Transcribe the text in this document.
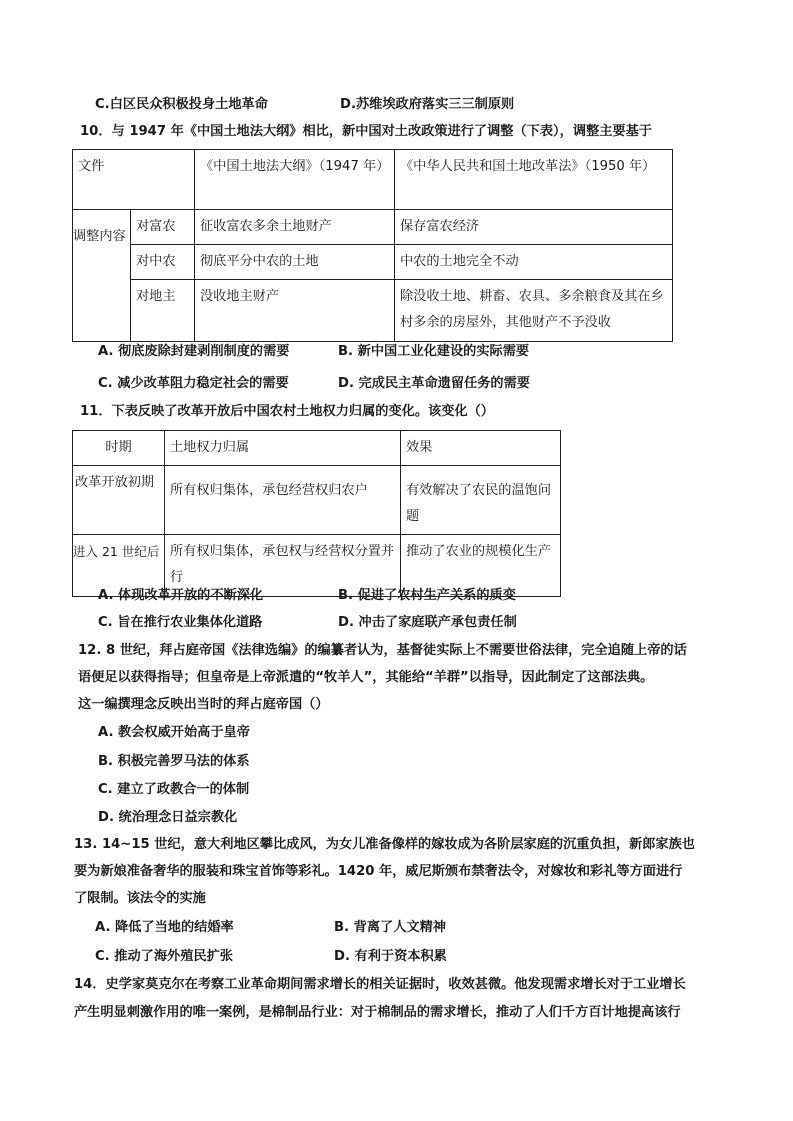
C.白区民众积极投身土地革命	D.苏维埃政府落实三三制原则
10．与 1947 年《中国土地法大纲》相比，新中国对土改政策进行了调整（下表），调整主要基于
文件		《中国土地法大纲》（1947 年）	《中华人民共和国土地改革法》（1950 年）
调整内容	对富农	征收富农多余土地财产	保存富农经济
	对中农	彻底平分中农的土地	中农的土地完全不动
	对地主	没收地主财产	除没收土地、耕畜、农具、多余粮食及其在乡村多余的房屋外，其他财产不予没收
A. 彻底废除封建剥削制度的需要	B. 新中国工业化建设的实际需要
C. 减少改革阻力稳定社会的需要	D. 完成民主革命遗留任务的需要
11．下表反映了改革开放后中国农村土地权力归属的变化。该变化（）
时期	土地权力归属	效果
改革开放初期	所有权归集体，承包经营权归农户	有效解决了农民的温饱问题
进入 21 世纪后	所有权归集体，承包权与经营权分置并行	推动了农业的规模化生产
A. 体现改革开放的不断深化	B. 促进了农村生产关系的质变
C. 旨在推行农业集体化道路	D. 冲击了家庭联产承包责任制
12. 8 世纪，拜占庭帝国《法律选编》的编纂者认为，基督徒实际上不需要世俗法律，完全追随上帝的话
语便足以获得指导；但皇帝是上帝派遣的“牧羊人”，其能给“羊群”以指导，因此制定了这部法典。
这一编撰理念反映出当时的拜占庭帝国（）
A. 教会权威开始高于皇帝
B. 积极完善罗马法的体系
C. 建立了政教合一的体制
D. 统治理念日益宗教化
13. 14~15 世纪，意大利地区攀比成风，为女儿准备像样的嫁妆成为各阶层家庭的沉重负担，新郎家族也
要为新娘准备奢华的服装和珠宝首饰等彩礼。1420 年，威尼斯颁布禁奢法令，对嫁妆和彩礼等方面进行
了限制。该法令的实施
A. 降低了当地的结婚率	B. 背离了人文精神
C. 推动了海外殖民扩张	D. 有利于资本积累
14．史学家莫克尔在考察工业革命期间需求增长的相关证据时，收效甚微。他发现需求增长对于工业增长
产生明显刺激作用的唯一案例，是棉制品行业：对于棉制品的需求增长，推动了人们千方百计地提高该行
